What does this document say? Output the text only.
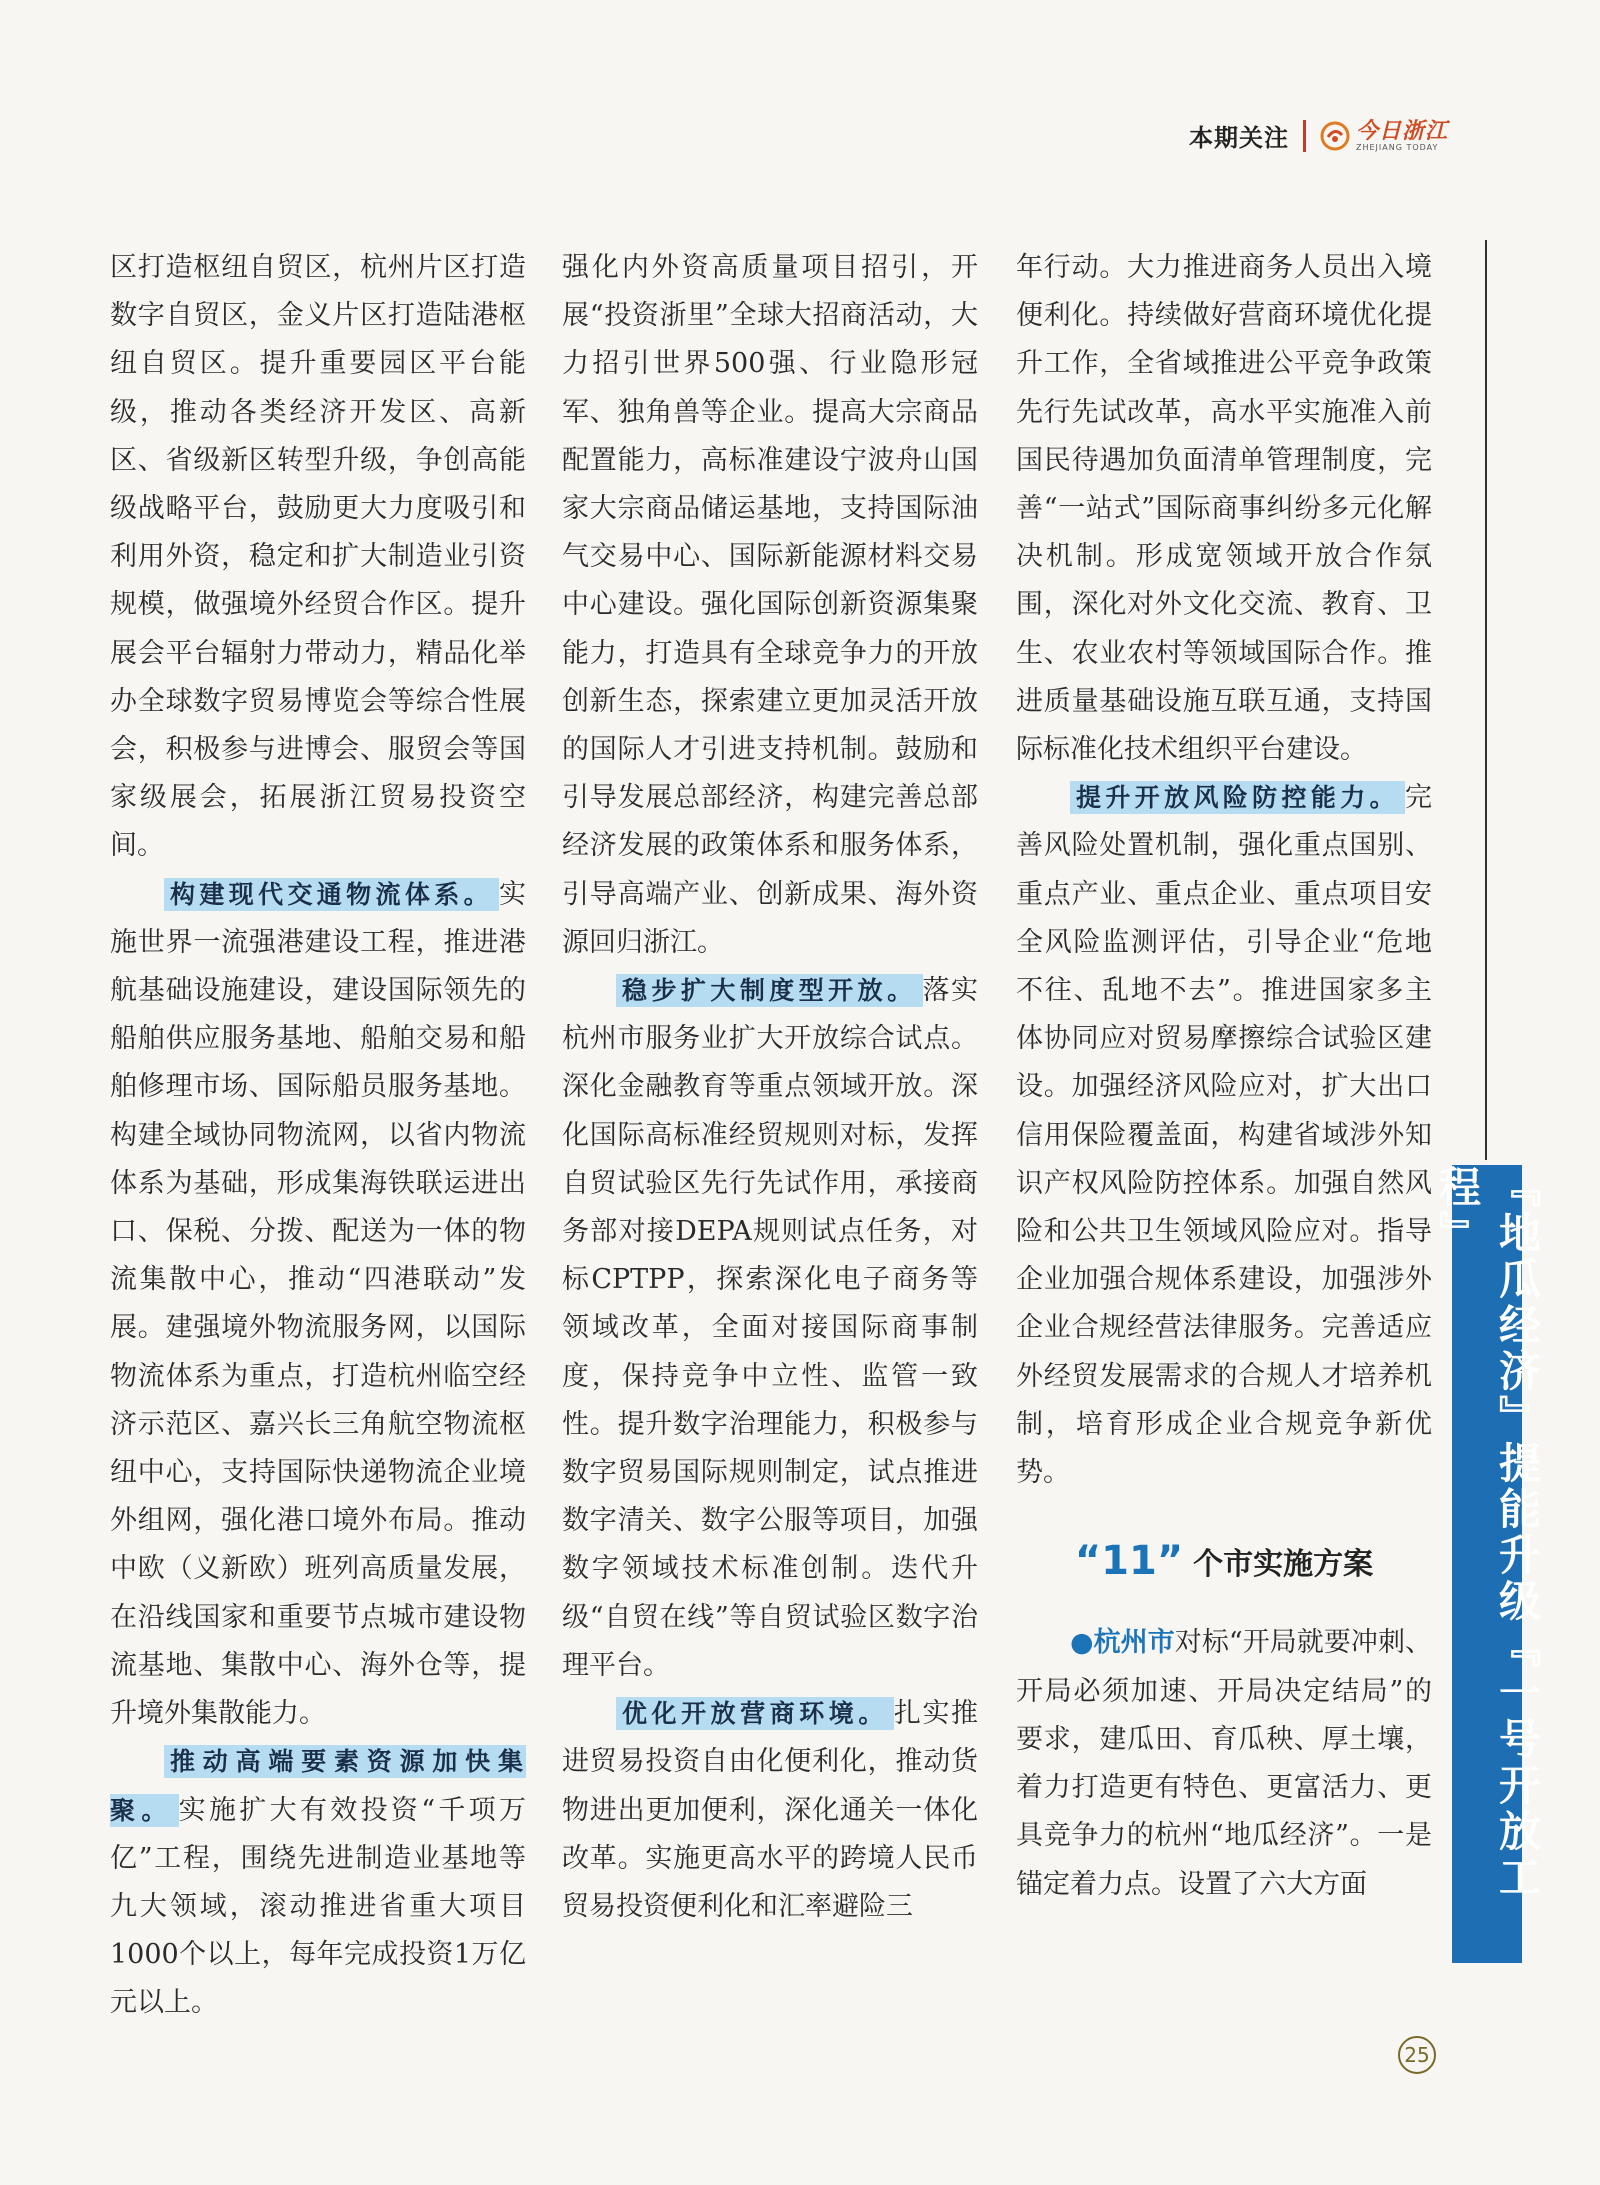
本期关注	今日浙江
ZHEJIANG TODAY

区打造枢纽自贸区，杭州片区打造数字自贸区，金义片区打造陆港枢纽自贸区。提升重要园区平台能级，推动各类经济开发区、高新区、省级新区转型升级，争创高能级战略平台，鼓励更大力度吸引和利用外资，稳定和扩大制造业引资规模，做强境外经贸合作区。提升展会平台辐射力带动力，精品化举办全球数字贸易博览会等综合性展会，积极参与进博会、服贸会等国家级展会，拓展浙江贸易投资空间。

构建现代交通物流体系。 实施世界一流强港建设工程，推进港航基础设施建设，建设国际领先的船舶供应服务基地、船舶交易和船舶修理市场、国际船员服务基地。构建全域协同物流网，以省内物流体系为基础，形成集海铁联运进出口、保税、分拨、配送为一体的物流集散中心，推动“四港联动”发展。建强境外物流服务网，以国际物流体系为重点，打造杭州临空经济示范区、嘉兴长三角航空物流枢纽中心，支持国际快递物流企业境外组网，强化港口境外布局。推动中欧（义新欧）班列高质量发展，在沿线国家和重要节点城市建设物流基地、集散中心、海外仓等，提升境外集散能力。

推动高端要素资源加快集聚。 实施扩大有效投资“千项万亿”工程，围绕先进制造业基地等九大领域，滚动推进省重大项目1000个以上，每年完成投资1万亿元以上。

强化内外资高质量项目招引，开展“投资浙里”全球大招商活动，大力招引世界500强、行业隐形冠军、独角兽等企业。提高大宗商品配置能力，高标准建设宁波舟山国家大宗商品储运基地，支持国际油气交易中心、国际新能源材料交易中心建设。强化国际创新资源集聚能力，打造具有全球竞争力的开放创新生态，探索建立更加灵活开放的国际人才引进支持机制。鼓励和引导发展总部经济，构建完善总部经济发展的政策体系和服务体系，引导高端产业、创新成果、海外资源回归浙江。

稳步扩大制度型开放。 落实杭州市服务业扩大开放综合试点。深化金融教育等重点领域开放。深化国际高标准经贸规则对标，发挥自贸试验区先行先试作用，承接商务部对接DEPA规则试点任务，对标CPTPP，探索深化电子商务等领域改革，全面对接国际商事制度，保持竞争中立性、监管一致性。提升数字治理能力，积极参与数字贸易国际规则制定，试点推进数字清关、数字公服等项目，加强数字领域技术标准创制。迭代升级“自贸在线”等自贸试验区数字治理平台。

优化开放营商环境。 扎实推进贸易投资自由化便利化，推动货物进出更加便利，深化通关一体化改革。实施更高水平的跨境人民币贸易投资便利化和汇率避险三

年行动。大力推进商务人员出入境便利化。持续做好营商环境优化提升工作，全省域推进公平竞争政策先行先试改革，高水平实施准入前国民待遇加负面清单管理制度，完善“一站式”国际商事纠纷多元化解决机制。形成宽领域开放合作氛围，深化对外文化交流、教育、卫生、农业农村等领域国际合作。推进质量基础设施互联互通，支持国际标准化技术组织平台建设。

提升开放风险防控能力。 完善风险处置机制，强化重点国别、重点产业、重点企业、重点项目安全风险监测评估，引导企业“危地不往、乱地不去”。推进国家多主体协同应对贸易摩擦综合试验区建设。加强经济风险应对，扩大出口信用保险覆盖面，构建省域涉外知识产权风险防控体系。加强自然风险和公共卫生领域风险应对。指导企业加强合规体系建设，加强涉外企业合规经营法律服务。完善适应外经贸发展需求的合规人才培养机制，培育形成企业合规竞争新优势。

“11” 个市实施方案

●杭州市对标“开局就要冲刺、开局必须加速、开局决定结局”的要求，建瓜田、育瓜秧、厚土壤，着力打造更有特色、更富活力、更具竞争力的杭州“地瓜经济”。一是锚定着力点。设置了六大方面	『地瓜经济』提能升级『一号开放工程』
25
